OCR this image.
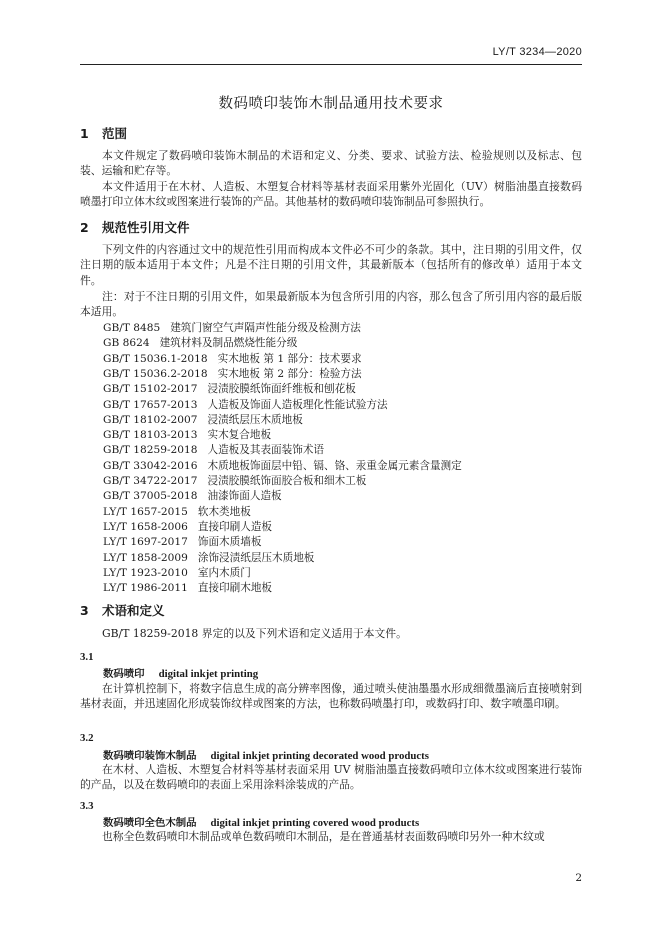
LY/T 3234—2020
数码喷印装饰木制品通用技术要求
1 范围
本文件规定了数码喷印装饰木制品的术语和定义、分类、要求、试验方法、检验规则以及标志、包装、运输和贮存等。
本文件适用于在木材、人造板、木塑复合材料等基材表面采用紫外光固化（UV）树脂油墨直接数码喷墨打印立体木纹或图案进行装饰的产品。其他基材的数码喷印装饰制品可参照执行。
2 规范性引用文件
下列文件的内容通过文中的规范性引用而构成本文件必不可少的条款。其中，注日期的引用文件，仅注日期的版本适用于本文件；凡是不注日期的引用文件，其最新版本（包括所有的修改单）适用于本文件。
注：对于不注日期的引用文件，如果最新版本为包含所引用的内容，那么包含了所引用内容的最后版本适用。
GB/T 8485 建筑门窗空气声隔声性能分级及检测方法
GB 8624 建筑材料及制品燃烧性能分级
GB/T 15036.1-2018 实木地板 第 1 部分：技术要求
GB/T 15036.2-2018 实木地板 第 2 部分：检验方法
GB/T 15102-2017 浸渍胶膜纸饰面纤维板和刨花板
GB/T 17657-2013 人造板及饰面人造板理化性能试验方法
GB/T 18102-2007 浸渍纸层压木质地板
GB/T 18103-2013 实木复合地板
GB/T 18259-2018 人造板及其表面装饰术语
GB/T 33042-2016 木质地板饰面层中铅、镉、铬、汞重金属元素含量测定
GB/T 34722-2017 浸渍胶膜纸饰面胶合板和细木工板
GB/T 37005-2018 油漆饰面人造板
LY/T 1657-2015 软木类地板
LY/T 1658-2006 直接印刷人造板
LY/T 1697-2017 饰面木质墙板
LY/T 1858-2009 涂饰浸渍纸层压木质地板
LY/T 1923-2010 室内木质门
LY/T 1986-2011 直接印刷木地板
3 术语和定义
GB/T 18259-2018 界定的以及下列术语和定义适用于本文件。
3.1
数码喷印 digital inkjet printing
在计算机控制下，将数字信息生成的高分辨率图像，通过喷头使油墨墨水形成细微墨滴后直接喷射到基材表面，并迅速固化形成装饰纹样或图案的方法，也称数码喷墨打印，或数码打印、数字喷墨印刷。
3.2
数码喷印装饰木制品 digital inkjet printing decorated wood products
在木材、人造板、木塑复合材料等基材表面采用 UV 树脂油墨直接数码喷印立体木纹或图案进行装饰的产品，以及在数码喷印的表面上采用涂料涂装成的产品。
3.3
数码喷印全色木制品 digital inkjet printing covered wood products
也称全色数码喷印木制品或单色数码喷印木制品，是在普通基材表面数码喷印另外一种木纹或
2
